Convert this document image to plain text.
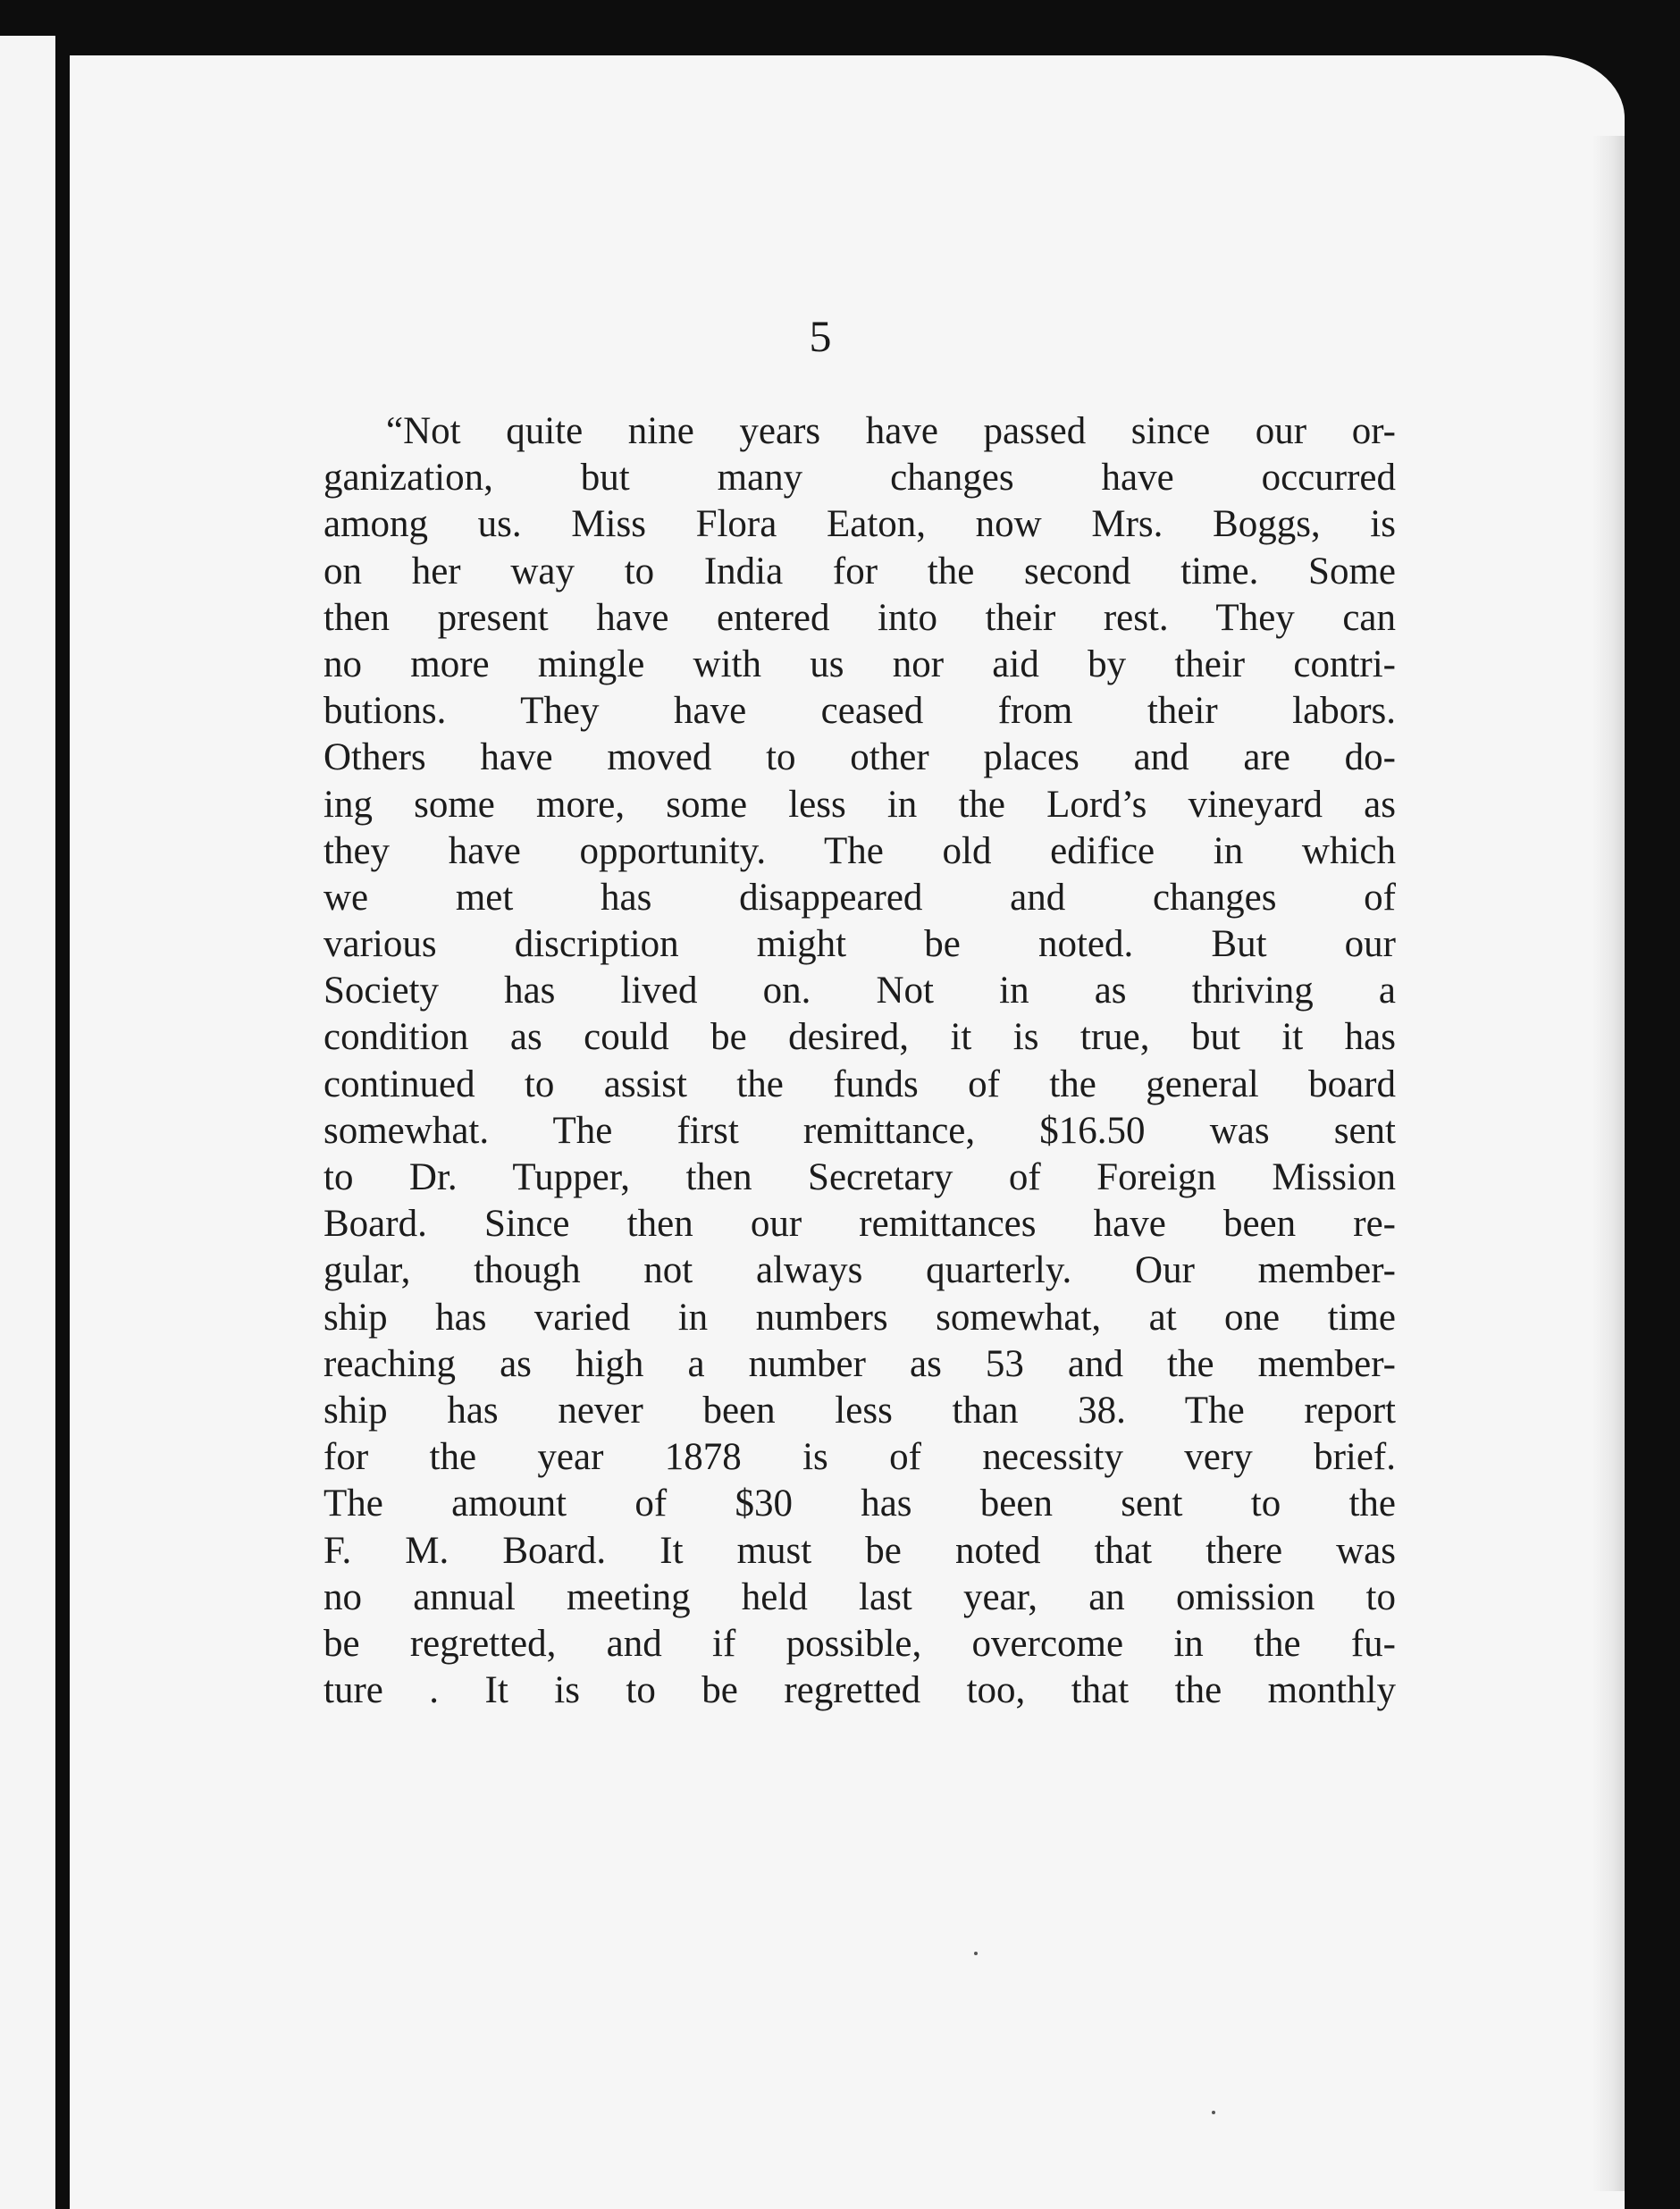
5
“Not quite nine years have passed since our or-
ganization, but many changes have occurred
among us. Miss Flora Eaton, now Mrs. Boggs, is
on her way to India for the second time. Some
then present have entered into their rest. They can
no more mingle with us nor aid by their contri-
butions. They have ceased from their labors.
Others have moved to other places and are do-
ing some more, some less in the Lord’s vineyard as
they have opportunity. The old edifice in which
we met has disappeared and changes of
various discription might be noted. But our
Society has lived on. Not in as thriving a
condition as could be desired, it is true, but it has
continued to assist the funds of the general board
somewhat. The first remittance, $16.50 was sent
to Dr. Tupper, then Secretary of Foreign Mission
Board. Since then our remittances have been re-
gular, though not always quarterly. Our member-
ship has varied in numbers somewhat, at one time
reaching as high a number as 53 and the member-
ship has never been less than 38. The report
for the year 1878 is of necessity very brief.
The amount of $30 has been sent to the
F. M. Board. It must be noted that there was
no annual meeting held last year, an omission to
be regretted, and if possible, overcome in the fu-
ture . It is to be regretted too, that the monthly
